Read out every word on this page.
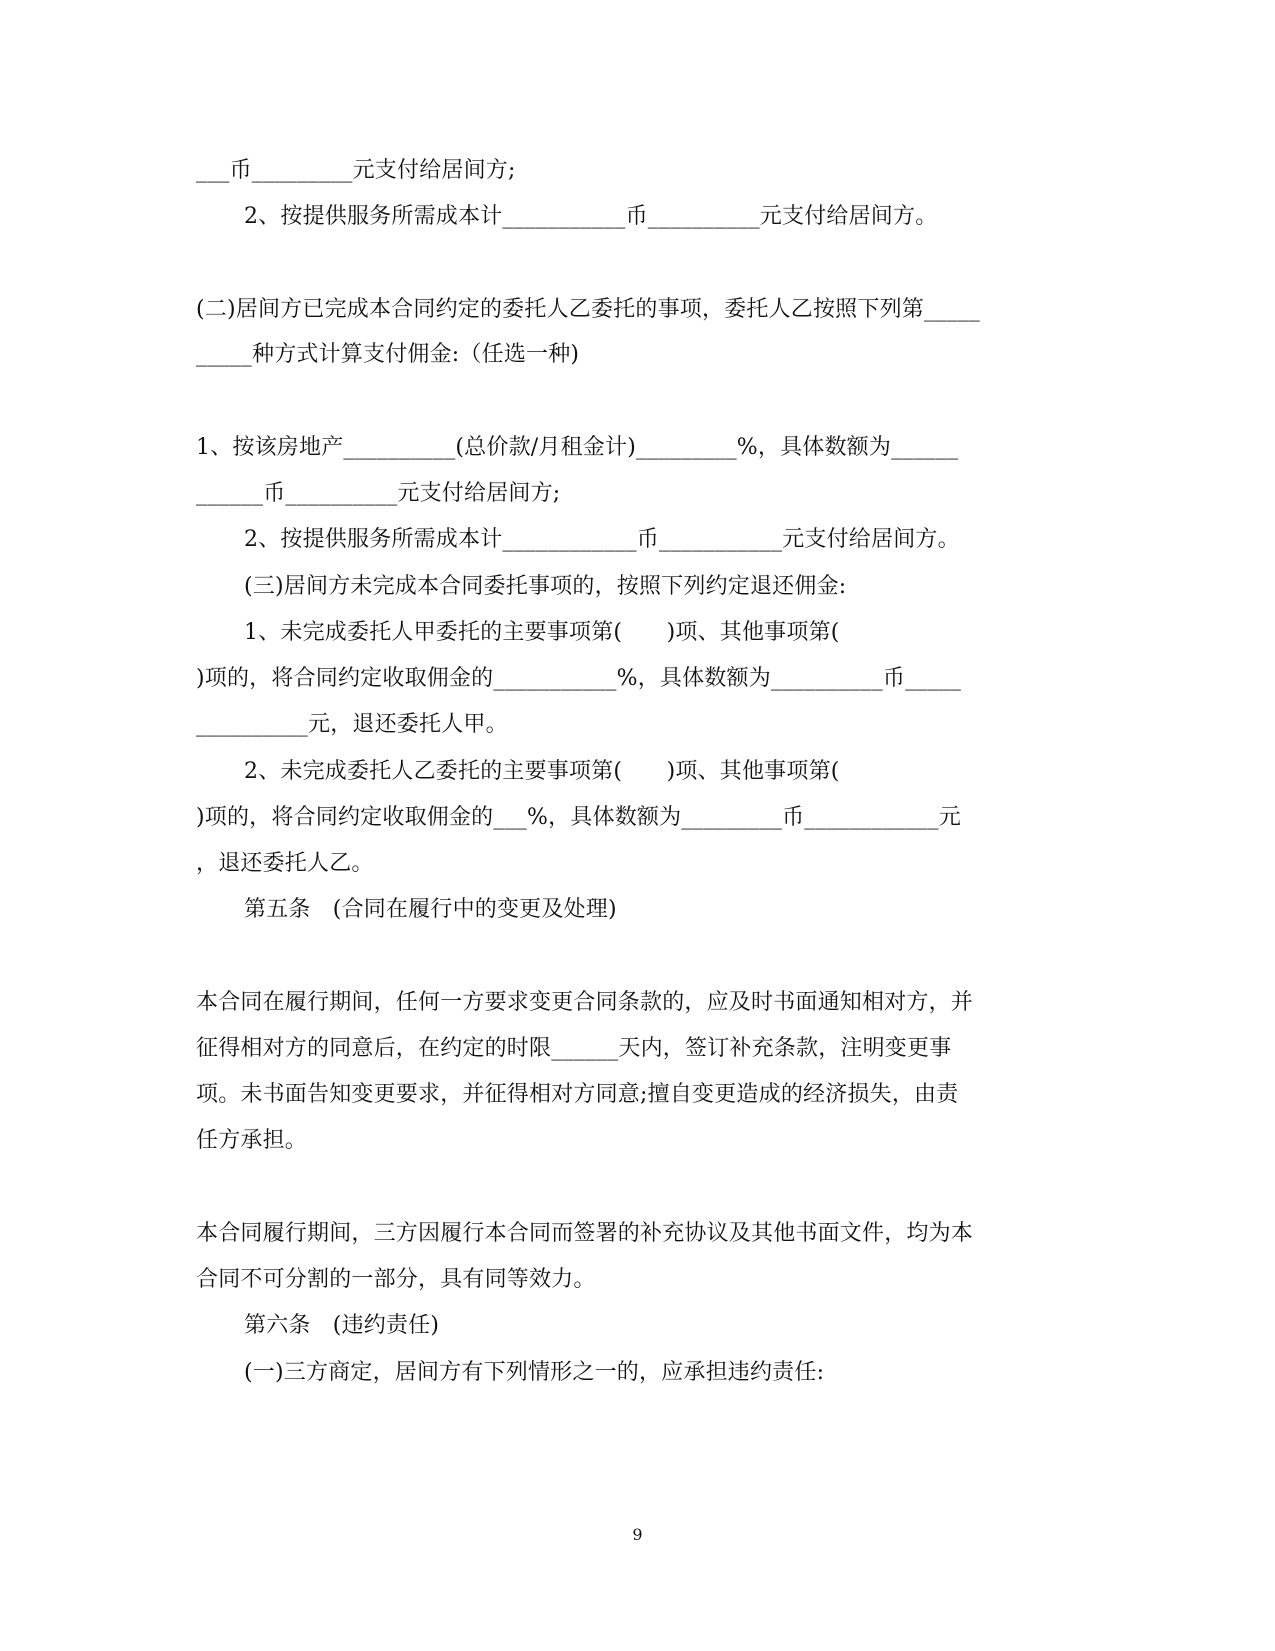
___币_________元支付给居间方;
2、按提供服务所需成本计___________币__________元支付给居间方。
(二)居间方已完成本合同约定的委托人乙委托的事项，委托人乙按照下列第_____
_____种方式计算支付佣金:（任选一种)
1、按该房地产__________(总价款/月租金计)_________%，具体数额为______
______币__________元支付给居间方;
2、按提供服务所需成本计____________币___________元支付给居间方。
(三)居间方未完成本合同委托事项的，按照下列约定退还佣金:
1、未完成委托人甲委托的主要事项第(　　)项、其他事项第(
)项的，将合同约定收取佣金的___________%，具体数额为__________币_____
__________元，退还委托人甲。
2、未完成委托人乙委托的主要事项第(　　)项、其他事项第(
)项的，将合同约定收取佣金的___%，具体数额为_________币____________元
，退还委托人乙。
第五条　(合同在履行中的变更及处理)
本合同在履行期间，任何一方要求变更合同条款的，应及时书面通知相对方，并
征得相对方的同意后，在约定的时限______天内，签订补充条款，注明变更事
项。未书面告知变更要求，并征得相对方同意;擅自变更造成的经济损失，由责
任方承担。
本合同履行期间，三方因履行本合同而签署的补充协议及其他书面文件，均为本
合同不可分割的一部分，具有同等效力。
第六条　(违约责任)
(一)三方商定，居间方有下列情形之一的，应承担违约责任:
9
